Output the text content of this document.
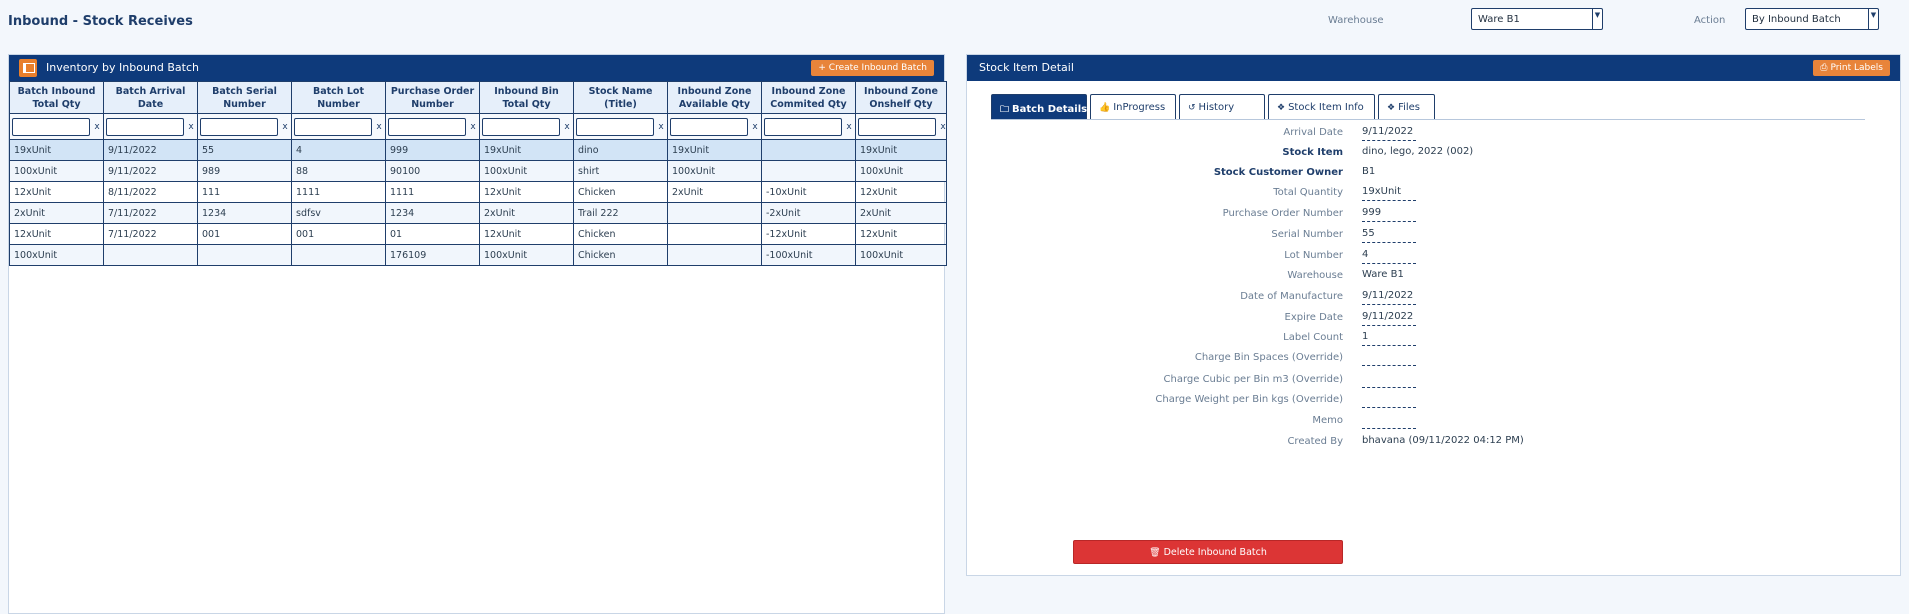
Inbound - Stock Receives	Warehouse	Ware B1	▼	Action	By Inbound Batch	▼
Inventory by Inbound Batch	+ Create Inbound Batch
Batch Inbound Total Qty	Batch Arrival Date	Batch Serial Number	Batch Lot Number	Purchase Order Number	Inbound Bin Total Qty	Stock Name (Title)	Inbound Zone Available Qty	Inbound Zone Commited Qty	Inbound Zone Onshelf Qty
x	x	x	x	x	x	x	x	x	x
19xUnit	9/11/2022	55	4	999	19xUnit	dino	19xUnit		19xUnit
100xUnit	9/11/2022	989	88	90100	100xUnit	shirt	100xUnit		100xUnit
12xUnit	8/11/2022	111	1111	1111	12xUnit	Chicken	2xUnit	-10xUnit	12xUnit
2xUnit	7/11/2022	1234	sdfsv	1234	2xUnit	Trail 222		-2xUnit	2xUnit
12xUnit	7/11/2022	001	001	01	12xUnit	Chicken		-12xUnit	12xUnit
100xUnit				176109	100xUnit	Chicken		-100xUnit	100xUnit
Stock Item Detail	⎙ Print Labels
🗀 Batch Details	👍 InProgress	↺ History	❖ Stock Item Info	❖ Files
Arrival Date 9/11/2022
Stock Item dino, lego, 2022 (002)
Stock Customer Owner B1
Total Quantity 19xUnit
Purchase Order Number 999
Serial Number 55
Lot Number 4
Warehouse Ware B1
Date of Manufacture 9/11/2022
Expire Date 9/11/2022
Label Count 1
Charge Bin Spaces (Override)
Charge Cubic per Bin m3 (Override)
Charge Weight per Bin kgs (Override)
Memo
Created By bhavana (09/11/2022 04:12 PM)
🗑 Delete Inbound Batch
